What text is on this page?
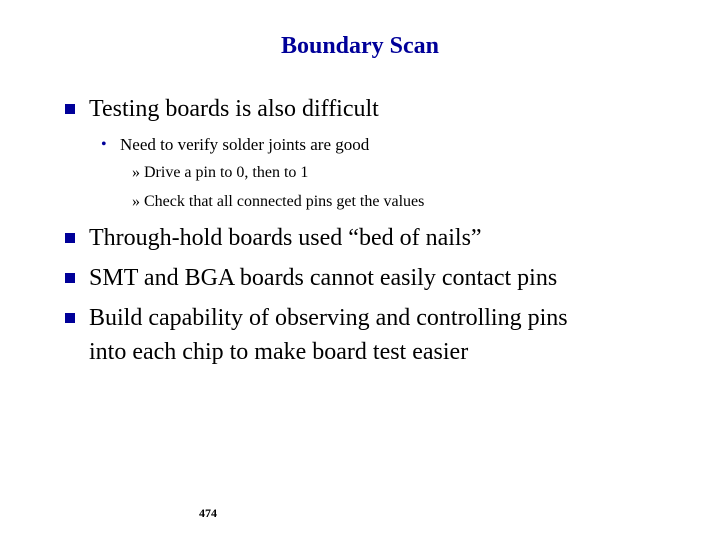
Boundary Scan
Testing boards is also difficult
• Need to verify solder joints are good
» Drive a pin to 0, then to 1
» Check that all connected pins get the values
Through-hold boards used “bed of nails”
SMT and BGA boards cannot easily contact pins
Build capability of observing and controlling pins
into each chip to make board test easier
474
